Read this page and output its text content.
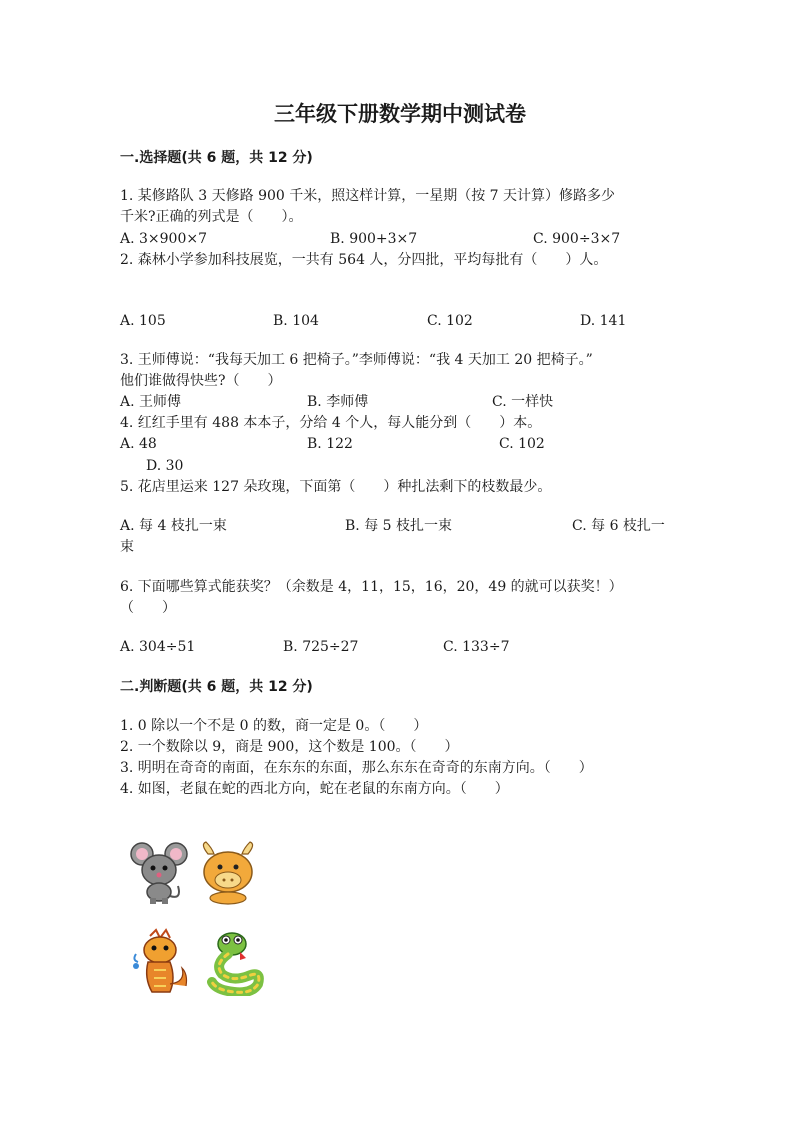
三年级下册数学期中测试卷
一.选择题(共 6 题，共 12 分)
1. 某修路队 3 天修路 900 千米，照这样计算，一星期（按 7 天计算）修路多少
千米?正确的列式是（　　）。
A. 3×900×7	B. 900+3×7	C. 900÷3×7
2. 森林小学参加科技展览，一共有 564 人，分四批，平均每批有（　　）人。
A. 105	B. 104	C. 102	D. 141
3. 王师傅说：“我每天加工 6 把椅子。”李师傅说：“我 4 天加工 20 把椅子。”
他们谁做得快些?（　　）
A. 王师傅	B. 李师傅	C. 一样快
4. 红红手里有 488 本本子，分给 4 个人，每人能分到（　　）本。
A. 48	B. 122	C. 102
D. 30
5. 花店里运来 127 朵玫瑰，下面第（　　）种扎法剩下的枝数最少。
A. 每 4 枝扎一束	B. 每 5 枝扎一束	C. 每 6 枝扎一
束
6. 下面哪些算式能获奖？（余数是 4，11，15，16，20，49 的就可以获奖！）
（　　）
A. 304÷51	B. 725÷27	C. 133÷7
二.判断题(共 6 题，共 12 分)
1. 0 除以一个不是 0 的数，商一定是 0。（　　）
2. 一个数除以 9，商是 900，这个数是 100。（　　）
3. 明明在奇奇的南面，在东东的东面，那么东东在奇奇的东南方向。（　　）
4. 如图，老鼠在蛇的西北方向，蛇在老鼠的东南方向。（　　）
